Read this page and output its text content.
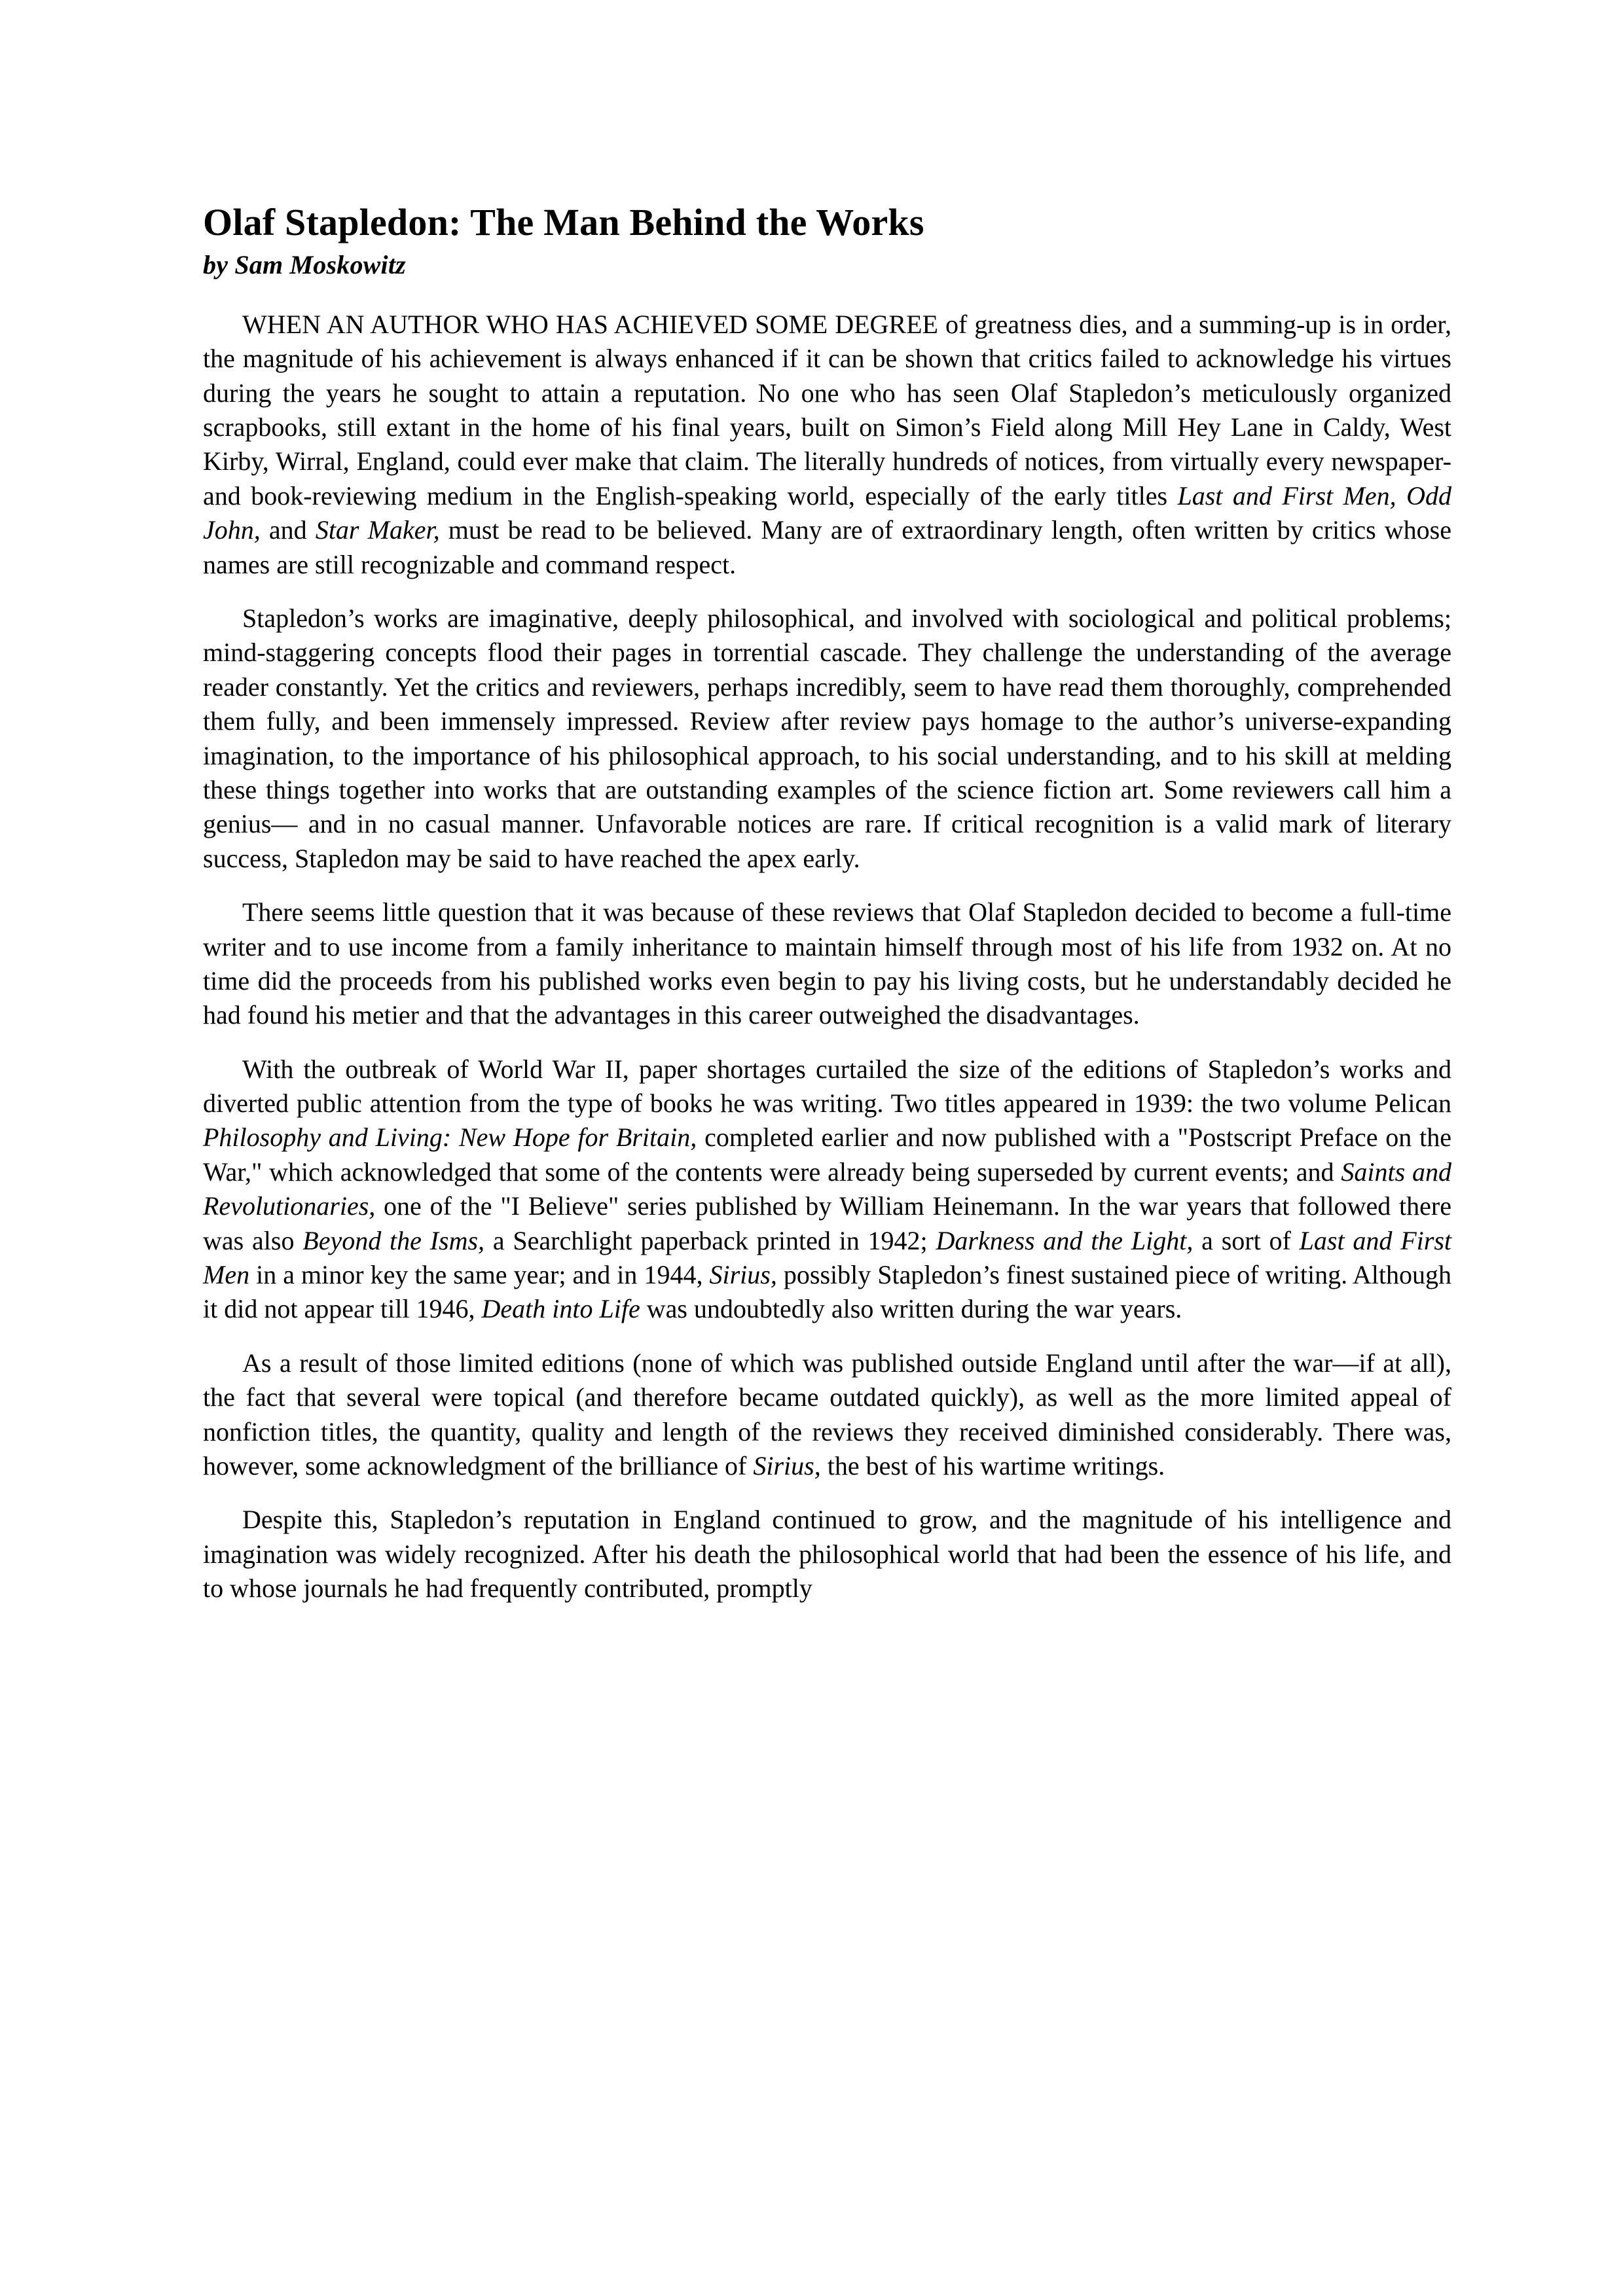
Olaf Stapledon: The Man Behind the Works
by Sam Moskowitz

WHEN AN AUTHOR WHO HAS ACHIEVED SOME DEGREE of greatness dies, and a summing-up is in order, the magnitude of his achievement is always enhanced if it can be shown that critics failed to acknowledge his virtues during the years he sought to attain a reputation. No one who has seen Olaf Stapledon’s meticulously organized scrapbooks, still extant in the home of his final years, built on Simon’s Field along Mill Hey Lane in Caldy, West Kirby, Wirral, England, could ever make that claim. The literally hundreds of notices, from virtually every newspaper-and book-reviewing medium in the English-speaking world, especially of the early titles Last and First Men, Odd John, and Star Maker, must be read to be believed. Many are of extraordinary length, often written by critics whose names are still recognizable and command respect.

Stapledon’s works are imaginative, deeply philosophical, and involved with sociological and political problems; mind-staggering concepts flood their pages in torrential cascade. They challenge the understanding of the average reader constantly. Yet the critics and reviewers, perhaps incredibly, seem to have read them thoroughly, comprehended them fully, and been immensely impressed. Review after review pays homage to the author’s universe-expanding imagination, to the importance of his philosophical approach, to his social understanding, and to his skill at melding these things together into works that are outstanding examples of the science fiction art. Some reviewers call him a genius— and in no casual manner. Unfavorable notices are rare. If critical recognition is a valid mark of literary success, Stapledon may be said to have reached the apex early.

There seems little question that it was because of these reviews that Olaf Stapledon decided to become a full-time writer and to use income from a family inheritance to maintain himself through most of his life from 1932 on. At no time did the proceeds from his published works even begin to pay his living costs, but he understandably decided he had found his metier and that the advantages in this career outweighed the disadvantages.

With the outbreak of World War II, paper shortages curtailed the size of the editions of Stapledon’s works and diverted public attention from the type of books he was writing. Two titles appeared in 1939: the two volume Pelican Philosophy and Living: New Hope for Britain, completed earlier and now published with a "Postscript Preface on the War," which acknowledged that some of the contents were already being superseded by current events; and Saints and Revolutionaries, one of the "I Believe" series published by William Heinemann. In the war years that followed there was also Beyond the Isms, a Searchlight paperback printed in 1942; Darkness and the Light, a sort of Last and First Men in a minor key the same year; and in 1944, Sirius, possibly Stapledon’s finest sustained piece of writing. Although it did not appear till 1946, Death into Life was undoubtedly also written during the war years.

As a result of those limited editions (none of which was published outside England until after the war—if at all), the fact that several were topical (and therefore became outdated quickly), as well as the more limited appeal of nonfiction titles, the quantity, quality and length of the reviews they received diminished considerably. There was, however, some acknowledgment of the brilliance of Sirius, the best of his wartime writings.

Despite this, Stapledon’s reputation in England continued to grow, and the magnitude of his intelligence and imagination was widely recognized. After his death the philosophical world that had been the essence of his life, and to whose journals he had frequently contributed, promptly
